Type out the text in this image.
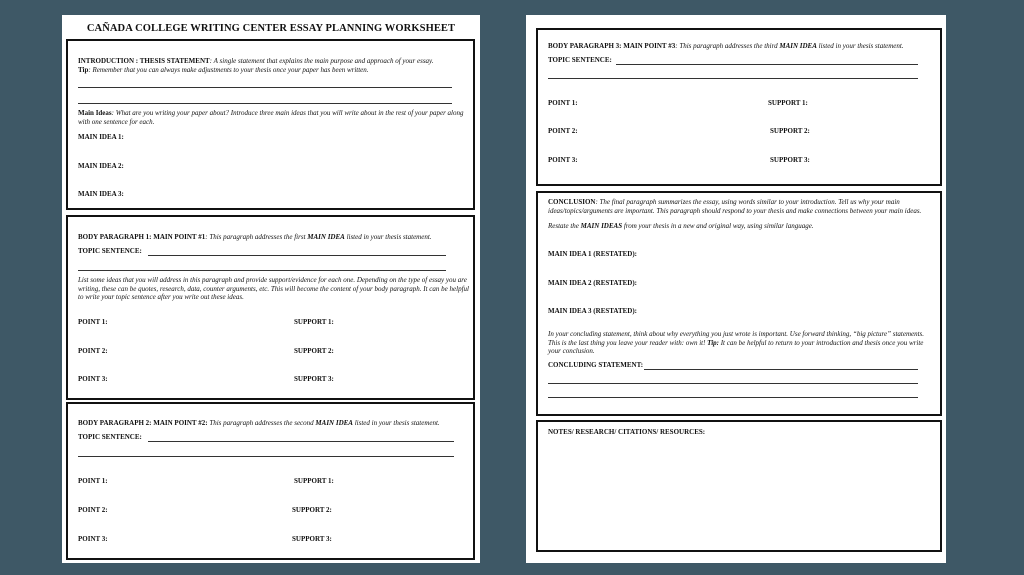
CAÑADA COLLEGE WRITING CENTER ESSAY PLANNING WORKSHEET
INTRODUCTION : THESIS STATEMENT: A single statement that explains the main purpose and approach of your essay.
Tip: Remember that you can always make adjustments to your thesis once your paper has been written.
Main Ideas: What are you writing your paper about? Introduce three main ideas that you will write about in the rest of your paper along with one sentence for each.
MAIN IDEA 1:
MAIN IDEA 2:
MAIN IDEA 3:
BODY PARAGRAPH 1: MAIN POINT #1: This paragraph addresses the first MAIN IDEA listed in your thesis statement.
TOPIC SENTENCE:
List some ideas that you will address in this paragraph and provide support/evidence for each one. Depending on the type of essay you are writing, these can be quotes, research, data, counter arguments, etc. This will become the content of your body paragraph. It can be helpful to write your topic sentence after you write out these ideas.
POINT 1:	SUPPORT 1:
POINT 2:	SUPPORT 2:
POINT 3:	SUPPORT 3:
BODY PARAGRAPH 2: MAIN POINT #2: This paragraph addresses the second MAIN IDEA listed in your thesis statement.
TOPIC SENTENCE:
POINT 1:	SUPPORT 1:
POINT 2:	SUPPORT 2:
POINT 3:	SUPPORT 3:
BODY PARAGRAPH 3: MAIN POINT #3: This paragraph addresses the third MAIN IDEA listed in your thesis statement.
TOPIC SENTENCE:
POINT 1:	SUPPORT 1:
POINT 2:	SUPPORT 2:
POINT 3:	SUPPORT 3:
CONCLUSION: The final paragraph summarizes the essay, using words similar to your introduction. Tell us why your main ideas/topics/arguments are important. This paragraph should respond to your thesis and make connections between your main ideas.
Restate the MAIN IDEAS from your thesis in a new and original way, using similar language.
MAIN IDEA 1 (RESTATED):
MAIN IDEA 2 (RESTATED):
MAIN IDEA 3 (RESTATED):
In your concluding statement, think about why everything you just wrote is important. Use forward thinking, “big picture” statements. This is the last thing you leave your reader with: own it! Tip: It can be helpful to return to your introduction and thesis once you write your conclusion.
CONCLUDING STATEMENT:
NOTES/ RESEARCH/ CITATIONS/ RESOURCES:
